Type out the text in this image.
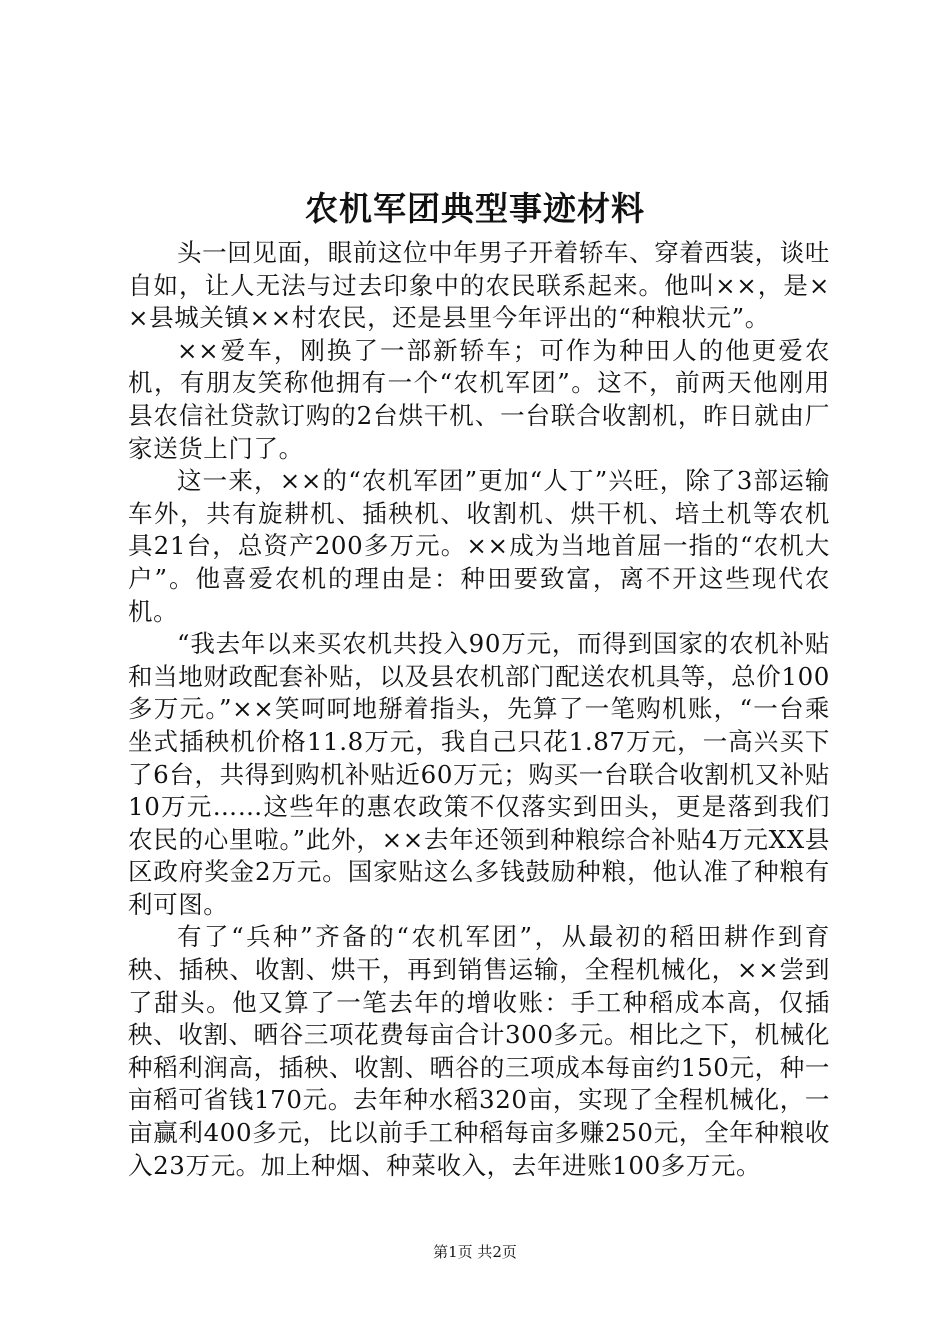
农机军团典型事迹材料

头一回见面，眼前这位中年男子开着轿车、穿着西装，谈吐自如，让人无法与过去印象中的农民联系起来。他叫××，是××县城关镇××村农民，还是县里今年评出的“种粮状元”。

××爱车，刚换了一部新轿车；可作为种田人的他更爱农机，有朋友笑称他拥有一个“农机军团”。这不，前两天他刚用县农信社贷款订购的2台烘干机、一台联合收割机，昨日就由厂家送货上门了。

这一来，××的“农机军团”更加“人丁”兴旺，除了3部运输车外，共有旋耕机、插秧机、收割机、烘干机、培土机等农机具21台，总资产200多万元。××成为当地首屈一指的“农机大户”。他喜爱农机的理由是：种田要致富，离不开这些现代农机。

“我去年以来买农机共投入90万元，而得到国家的农机补贴和当地财政配套补贴，以及县农机部门配送农机具等，总价100多万元。”××笑呵呵地掰着指头，先算了一笔购机账，“一台乘坐式插秧机价格11.8万元，我自己只花1.87万元，一高兴买下了6台，共得到购机补贴近60万元；购买一台联合收割机又补贴10万元……这些年的惠农政策不仅落实到田头，更是落到我们农民的心里啦。”此外，××去年还领到种粮综合补贴4万元XX县区政府奖金2万元。国家贴这么多钱鼓励种粮，他认准了种粮有利可图。

有了“兵种”齐备的“农机军团”，从最初的稻田耕作到育秧、插秧、收割、烘干，再到销售运输，全程机械化，××尝到了甜头。他又算了一笔去年的增收账：手工种稻成本高，仅插秧、收割、晒谷三项花费每亩合计300多元。相比之下，机械化种稻利润高，插秧、收割、晒谷的三项成本每亩约150元，种一亩稻可省钱170元。去年种水稻320亩，实现了全程机械化，一亩赢利400多元，比以前手工种稻每亩多赚250元，全年种粮收入23万元。加上种烟、种菜收入，去年进账100多万元。

第1页 共2页
